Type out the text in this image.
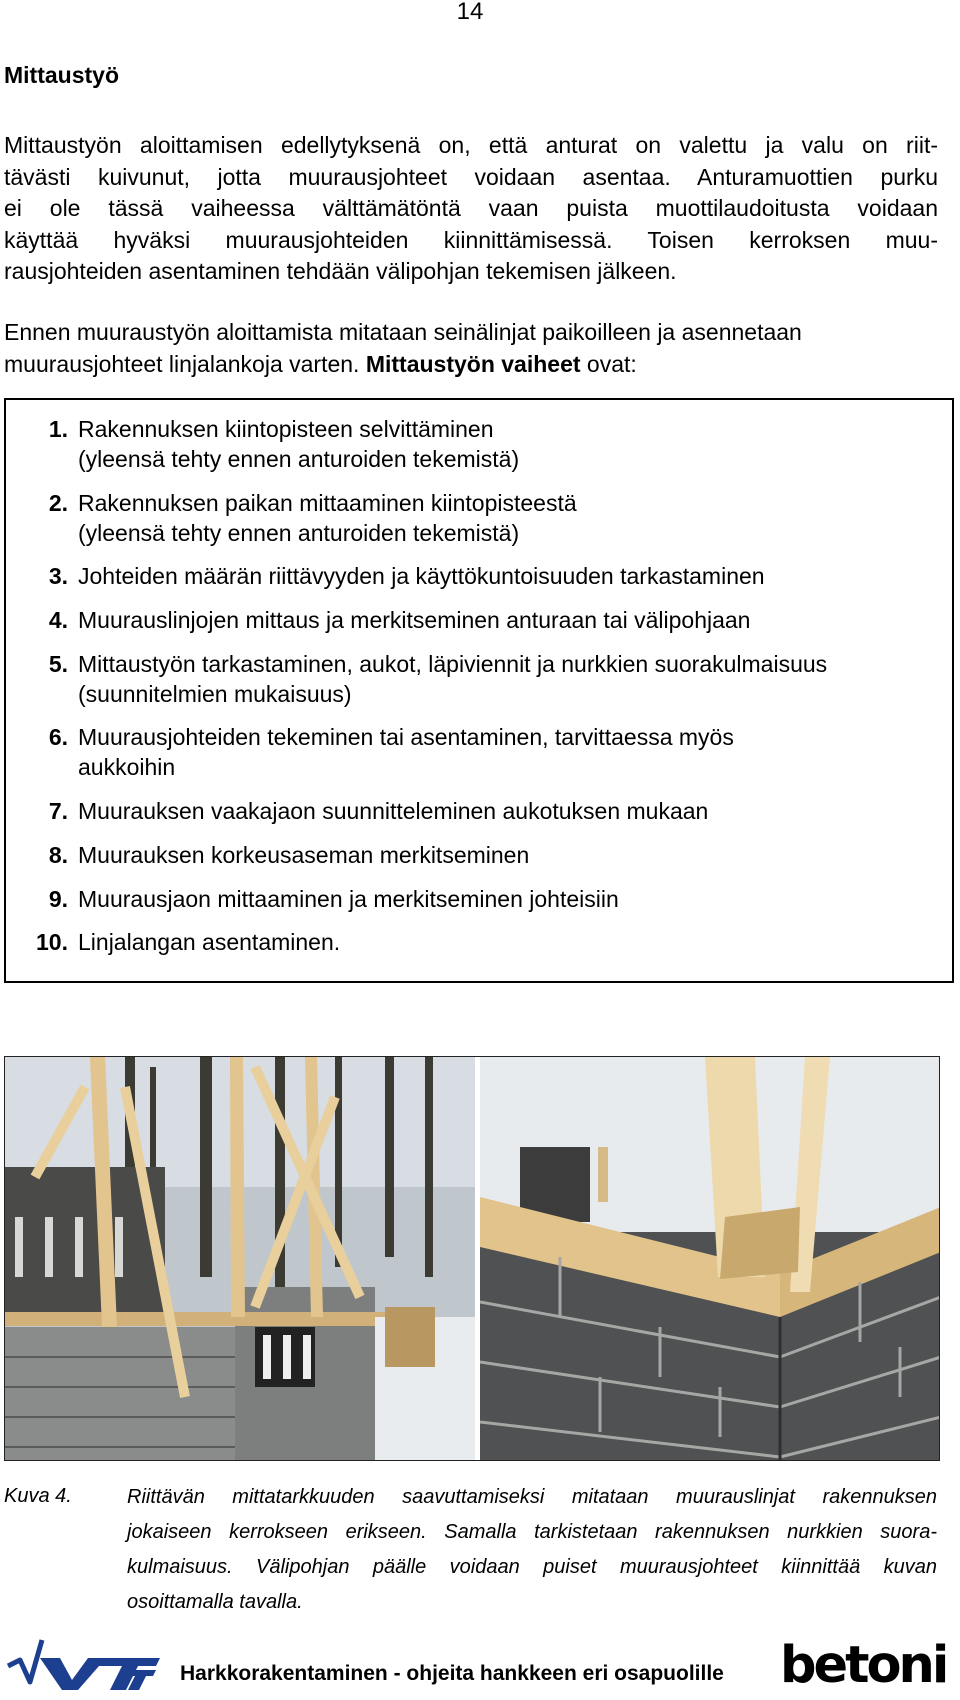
14
Mittaustyö
Mittaustyön aloittamisen edellytyksenä on, että anturat on valettu ja valu on riit-
tävästi kuivunut, jotta muurausjohteet voidaan asentaa. Anturamuottien purku
ei ole tässä vaiheessa välttämätöntä vaan puista muottilaudoitusta voidaan
käyttää hyväksi muurausjohteiden kiinnittämisessä. Toisen kerroksen muu-
rausjohteiden asentaminen tehdään välipohjan tekemisen jälkeen.
Ennen muuraustyön aloittamista mitataan seinälinjat paikoilleen ja asennetaan
muurausjohteet linjalankoja varten. Mittaustyön vaiheet ovat:
1. Rakennuksen kiintopisteen selvittäminen
(yleensä tehty ennen anturoiden tekemistä)
2. Rakennuksen paikan mittaaminen kiintopisteestä
(yleensä tehty ennen anturoiden tekemistä)
3. Johteiden määrän riittävyyden ja käyttökuntoisuuden tarkastaminen
4. Muurauslinjojen mittaus ja merkitseminen anturaan tai välipohjaan
5. Mittaustyön tarkastaminen, aukot, läpiviennit ja nurkkien suorakulmaisuus
(suunnitelmien mukaisuus)
6. Muurausjohteiden tekeminen tai asentaminen, tarvittaessa myös
aukkoihin
7. Muurauksen vaakajaon suunnitteleminen aukotuksen mukaan
8. Muurauksen korkeusaseman merkitseminen
9. Muurausjaon mittaaminen ja merkitseminen johteisiin
10. Linjalangan asentaminen.
Kuva 4.	Riittävän mittatarkkuuden saavuttamiseksi mitataan muurauslinjat rakennuksen
jokaiseen kerrokseen erikseen. Samalla tarkistetaan rakennuksen nurkkien suora-
kulmaisuus. Välipohjan päälle voidaan puiset muurausjohteet kiinnittää kuvan
osoittamalla tavalla.
Harkkorakentaminen - ohjeita hankkeen eri osapuolille betoni
